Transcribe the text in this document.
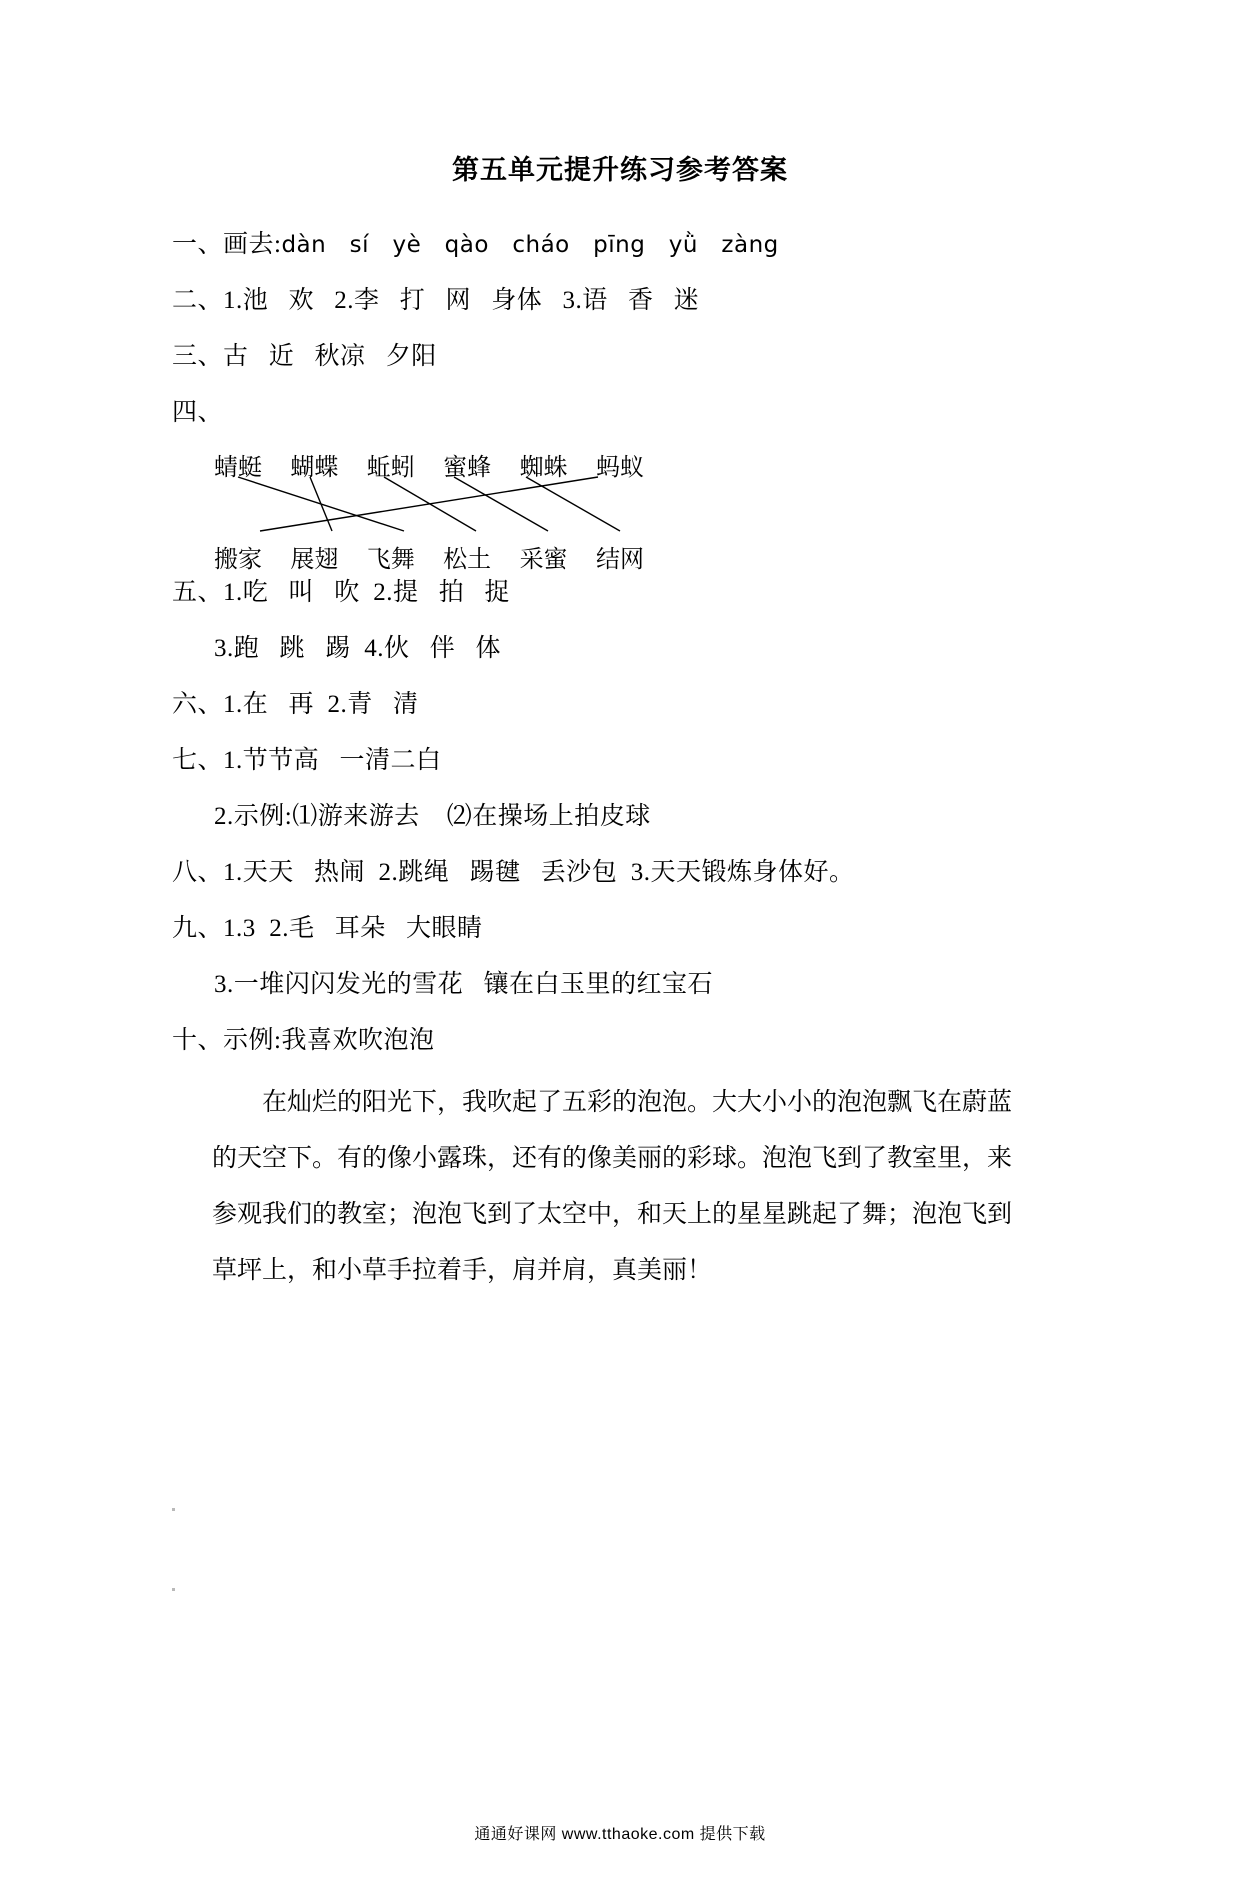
第五单元提升练习参考答案
一、画去:dàn   sí   yè   qào   cháo   pīng   yǜ   zàng
二、1.池   欢   2.李   打   网   身体   3.语   香   迷
三、古   近   秋凉   夕阳
四、
蜻蜓 蝴蝶 蚯蚓 蜜蜂 蜘蛛 蚂蚁
搬家 展翅 飞舞 松土 采蜜 结网
五、1.吃   叫   吹  2.提   拍   捉
3.跑   跳   踢  4.伙   伴   体
六、1.在   再  2.青   清
七、1.节节高   一清二白
2.示例:⑴游来游去    ⑵在操场上拍皮球
八、1.天天   热闹  2.跳绳   踢毽   丢沙包  3.天天锻炼身体好。
九、1.3  2.毛   耳朵   大眼睛
3.一堆闪闪发光的雪花   镶在白玉里的红宝石
十、示例:我喜欢吹泡泡
在灿烂的阳光下，我吹起了五彩的泡泡。大大小小的泡泡飘飞在蔚蓝的天空下。有的像小露珠，还有的像美丽的彩球。泡泡飞到了教室里，来参观我们的教室；泡泡飞到了太空中，和天上的星星跳起了舞；泡泡飞到草坪上，和小草手拉着手，肩并肩，真美丽！
通通好课网 www.tthaoke.com 提供下载
